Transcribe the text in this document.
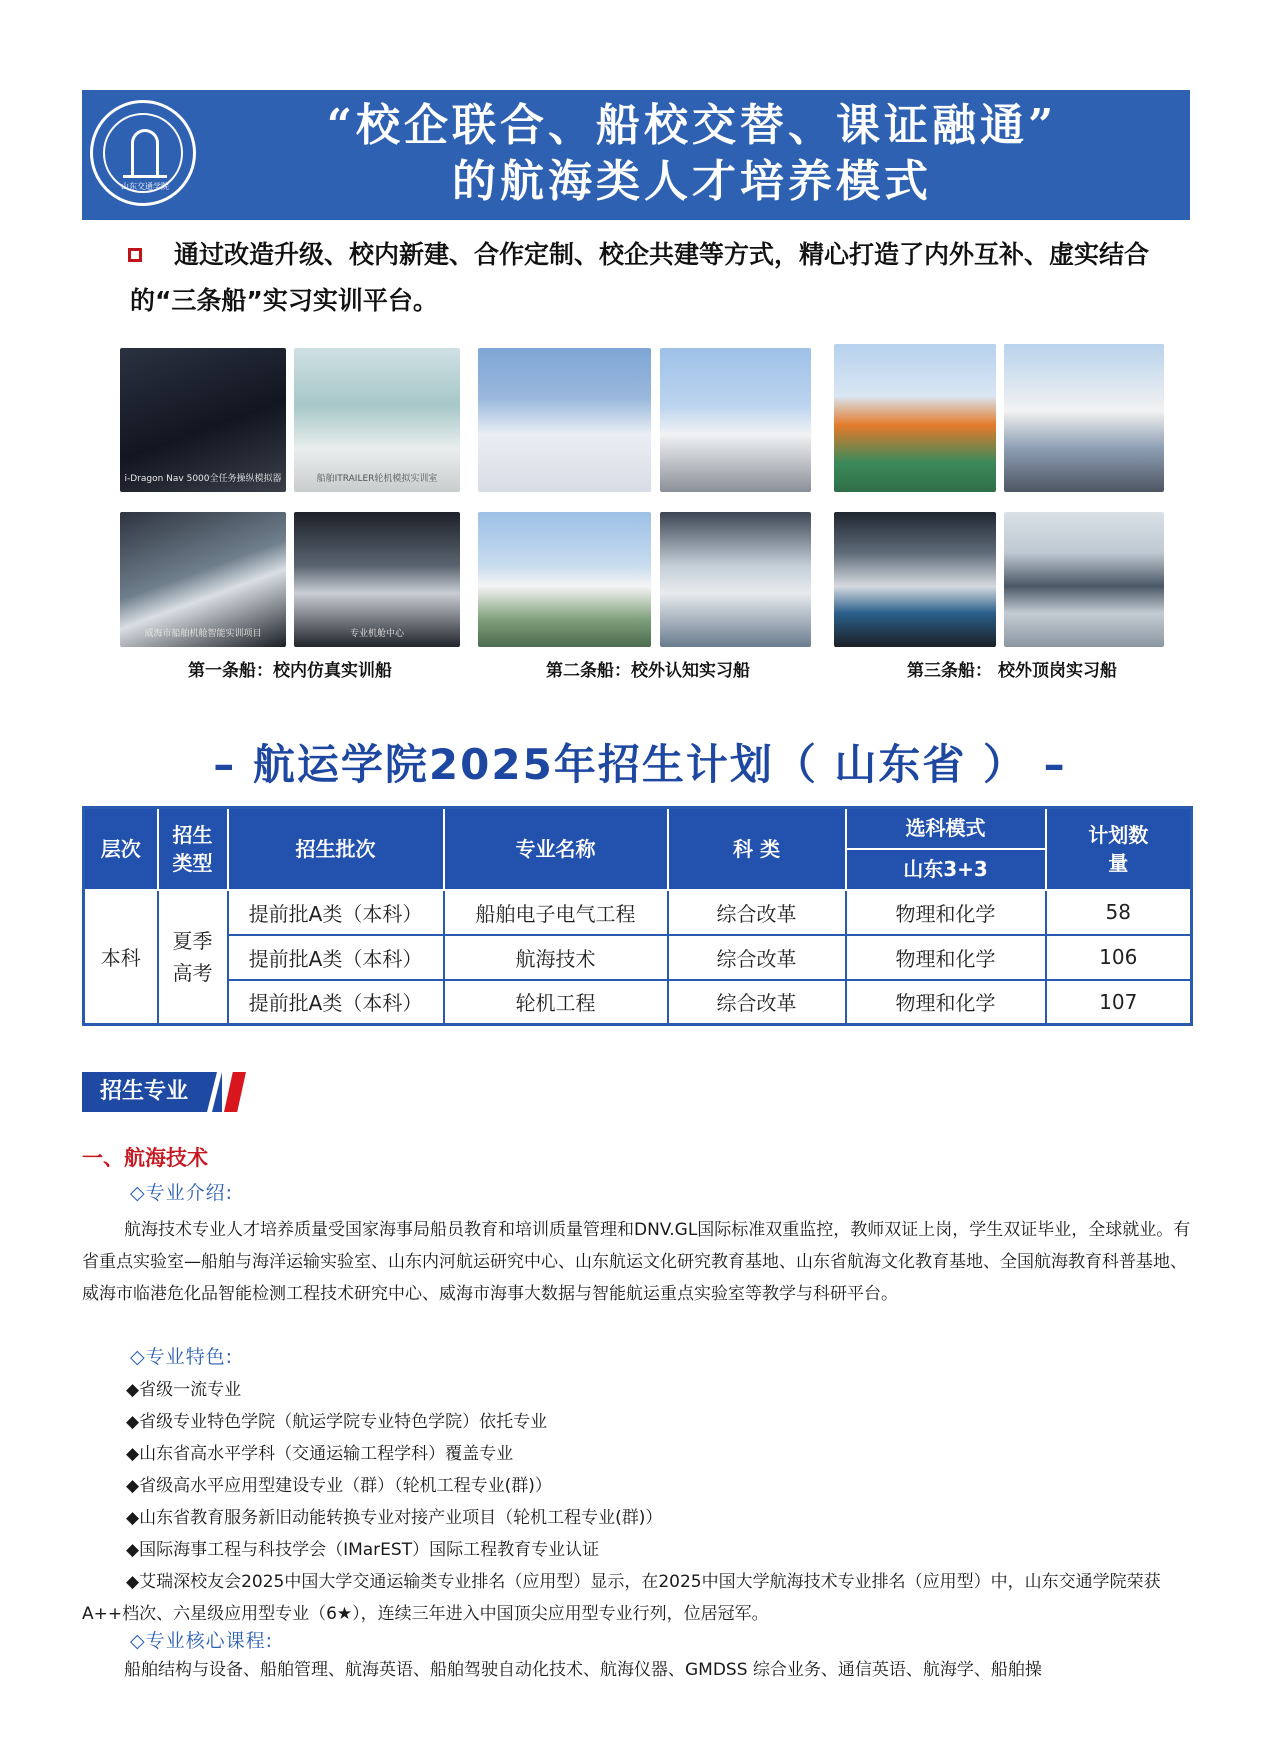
山东交通学院
“校企联合、船校交替、课证融通”
的航海类人才培养模式
通过改造升级、校内新建、合作定制、校企共建等方式，精心打造了内外互补、虚实结合的“三条船”实习实训平台。
i-Dragon Nav 5000全任务操纵模拟器	船舶ITRAILER轮机模拟实训室
威海市船舶机舱智能实训项目	专业机舱中心
第一条船：校内仿真实训船	第二条船：校外认知实习船	第三条船： 校外顶岗实习船
– 航运学院2025年招生计划（ 山东省 ） –
层次	招生类型	招生批次	专业名称	科 类	选科模式	计划数量
					山东3+3	
本科	夏季高考	提前批A类（本科）	船舶电子电气工程	综合改革	物理和化学	58
		提前批A类（本科）	航海技术	综合改革	物理和化学	106
		提前批A类（本科）	轮机工程	综合改革	物理和化学	107
招生专业
一、航海技术
◇专业介绍:
航海技术专业人才培养质量受国家海事局船员教育和培训质量管理和DNV.GL国际标准双重监控，教师双证上岗，学生双证毕业，全球就业。有省重点实验室—船舶与海洋运输实验室、山东内河航运研究中心、山东航运文化研究教育基地、山东省航海文化教育基地、全国航海教育科普基地、威海市临港危化品智能检测工程技术研究中心、威海市海事大数据与智能航运重点实验室等教学与科研平台。
◇专业特色:
◆省级一流专业
◆省级专业特色学院（航运学院专业特色学院）依托专业
◆山东省高水平学科（交通运输工程学科）覆盖专业
◆省级高水平应用型建设专业（群）（轮机工程专业(群)）
◆山东省教育服务新旧动能转换专业对接产业项目（轮机工程专业(群)）
◆国际海事工程与科技学会（IMarEST）国际工程教育专业认证
◆艾瑞深校友会2025中国大学交通运输类专业排名（应用型）显示，在2025中国大学航海技术专业排名（应用型）中，山东交通学院荣获A++档次、六星级应用型专业（6★），连续三年进入中国顶尖应用型专业行列，位居冠军。
◇专业核心课程:
船舶结构与设备、船舶管理、航海英语、船舶驾驶自动化技术、航海仪器、GMDSS 综合业务、通信英语、航海学、船舶操
